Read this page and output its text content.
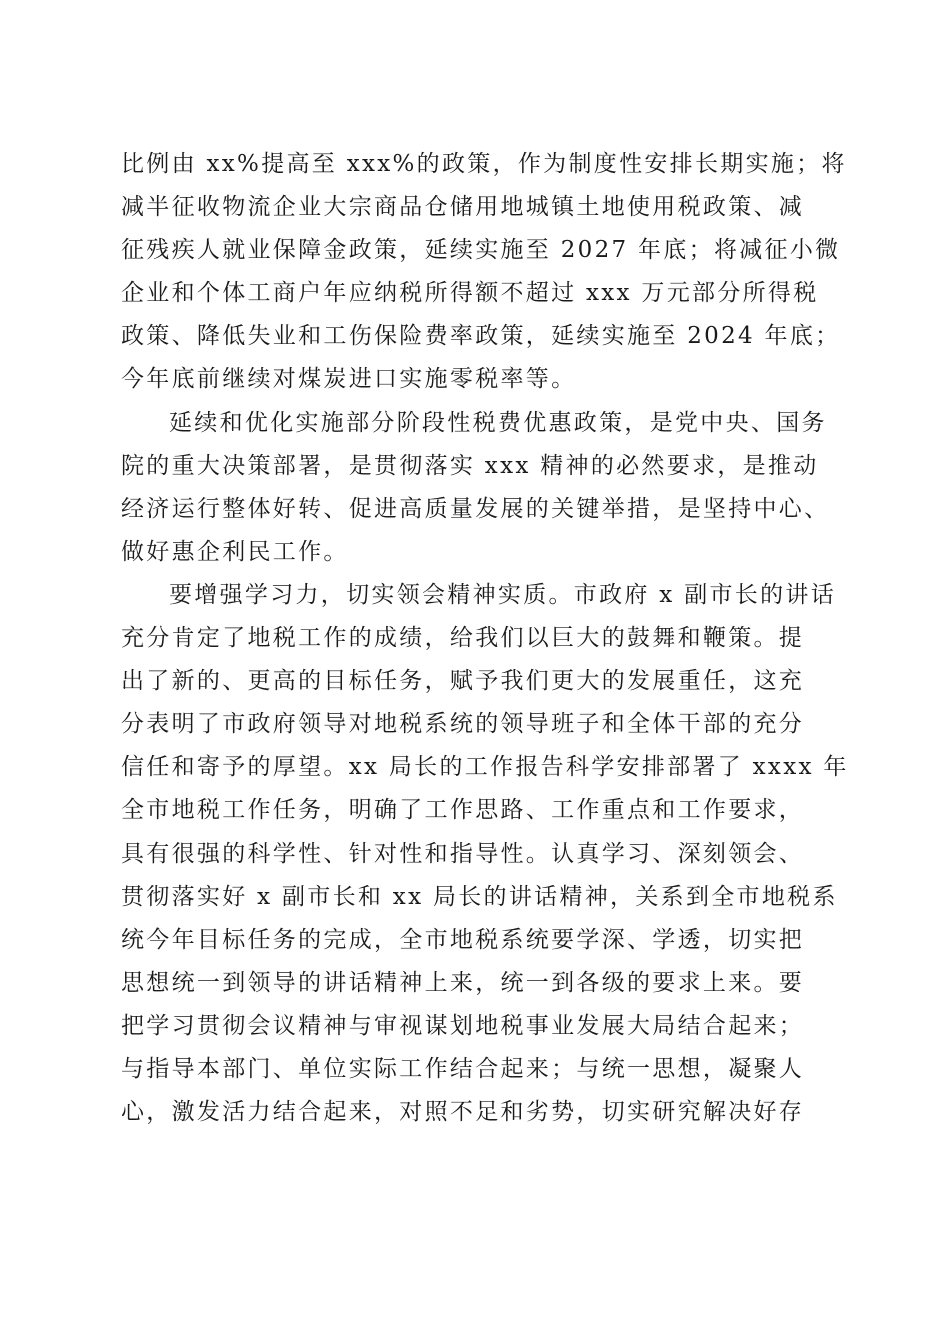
比例由 xx%提高至 xxx%的政策，作为制度性安排长期实施；将
减半征收物流企业大宗商品仓储用地城镇土地使用税政策、减
征残疾人就业保障金政策，延续实施至 2027 年底；将减征小微
企业和个体工商户年应纳税所得额不超过 xxx 万元部分所得税
政策、降低失业和工伤保险费率政策，延续实施至 2024 年底；
今年底前继续对煤炭进口实施零税率等。
延续和优化实施部分阶段性税费优惠政策，是党中央、国务
院的重大决策部署，是贯彻落实 xxx 精神的必然要求，是推动
经济运行整体好转、促进高质量发展的关键举措，是坚持中心、
做好惠企利民工作。
要增强学习力，切实领会精神实质。市政府 x 副市长的讲话
充分肯定了地税工作的成绩，给我们以巨大的鼓舞和鞭策。提
出了新的、更高的目标任务，赋予我们更大的发展重任，这充
分表明了市政府领导对地税系统的领导班子和全体干部的充分
信任和寄予的厚望。xx 局长的工作报告科学安排部署了 xxxx 年
全市地税工作任务，明确了工作思路、工作重点和工作要求，
具有很强的科学性、针对性和指导性。认真学习、深刻领会、
贯彻落实好 x 副市长和 xx 局长的讲话精神，关系到全市地税系
统今年目标任务的完成，全市地税系统要学深、学透，切实把
思想统一到领导的讲话精神上来，统一到各级的要求上来。要
把学习贯彻会议精神与审视谋划地税事业发展大局结合起来；
与指导本部门、单位实际工作结合起来；与统一思想，凝聚人
心，激发活力结合起来，对照不足和劣势，切实研究解决好存
